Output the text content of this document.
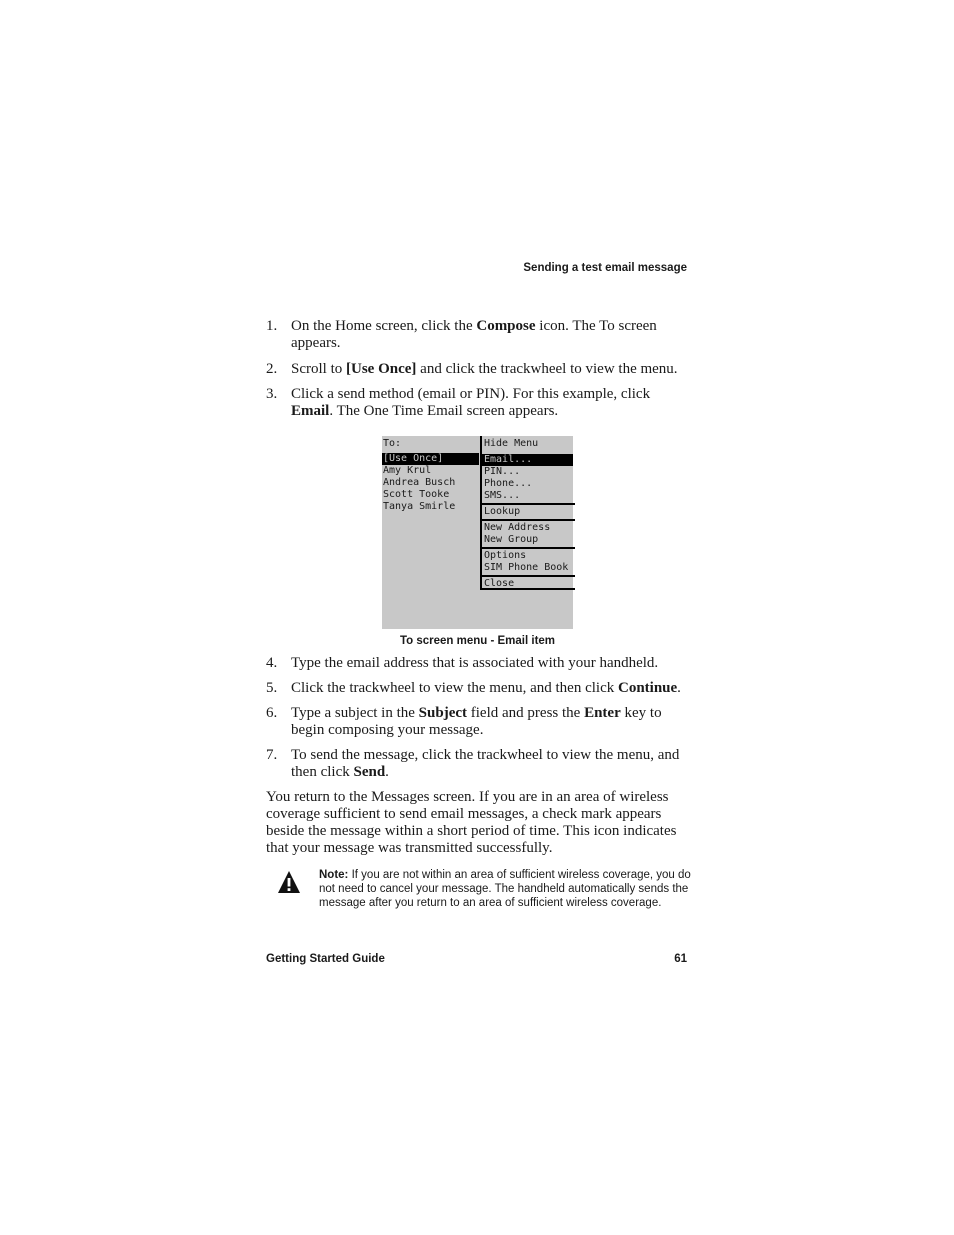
Sending a test email message
1. On the Home screen, click the Compose icon. The To screen appears.
2. Scroll to [Use Once] and click the trackwheel to view the menu.
3. Click a send method (email or PIN). For this example, click Email. The One Time Email screen appears.
To:
[Use Once]
Amy Krul
Andrea Busch
Scott Tooke
Tanya Smirle
Hide Menu
Email...
PIN...
Phone...
SMS...
Lookup
New Address
New Group
Options
SIM Phone Book
Close
To screen menu - Email item
4. Type the email address that is associated with your handheld.
5. Click the trackwheel to view the menu, and then click Continue.
6. Type a subject in the Subject field and press the Enter key to begin composing your message.
7. To send the message, click the trackwheel to view the menu, and then click Send.
You return to the Messages screen. If you are in an area of wireless coverage sufficient to send email messages, a check mark appears beside the message within a short period of time. This icon indicates that your message was transmitted successfully.
Note: If you are not within an area of sufficient wireless coverage, you do not need to cancel your message. The handheld automatically sends the message after you return to an area of sufficient wireless coverage.
Getting Started Guide	61
